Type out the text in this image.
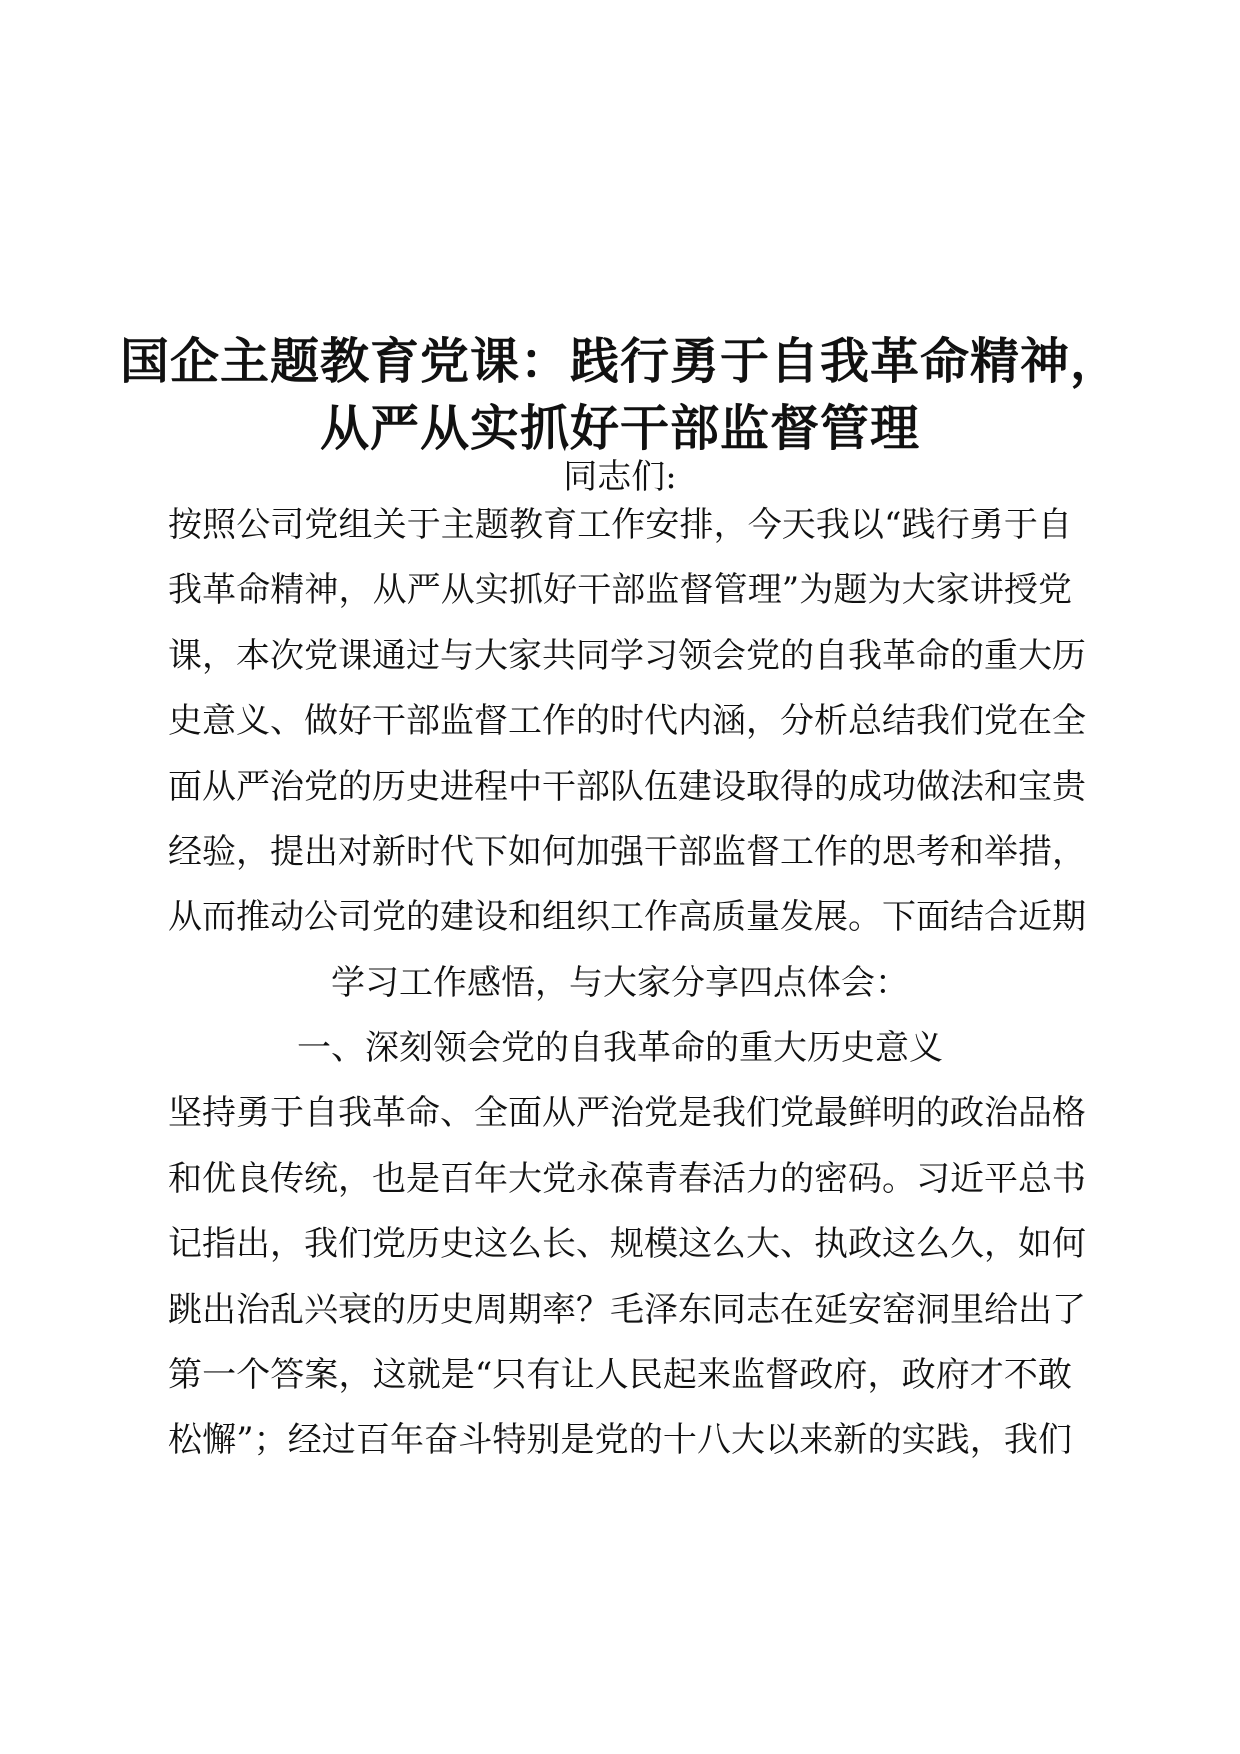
国企主题教育党课：践行勇于自我革命精神，
从严从实抓好干部监督管理
同志们:
按照公司党组关于主题教育工作安排，今天我以“践行勇于自
我革命精神，从严从实抓好干部监督管理”为题为大家讲授党
课，本次党课通过与大家共同学习领会党的自我革命的重大历
史意义、做好干部监督工作的时代内涵，分析总结我们党在全
面从严治党的历史进程中干部队伍建设取得的成功做法和宝贵
经验，提出对新时代下如何加强干部监督工作的思考和举措，
从而推动公司党的建设和组织工作高质量发展。下面结合近期
学习工作感悟，与大家分享四点体会：
一、深刻领会党的自我革命的重大历史意义
坚持勇于自我革命、全面从严治党是我们党最鲜明的政治品格
和优良传统，也是百年大党永葆青春活力的密码。习近平总书
记指出，我们党历史这么长、规模这么大、执政这么久，如何
跳出治乱兴衰的历史周期率？毛泽东同志在延安窑洞里给出了
第一个答案，这就是“只有让人民起来监督政府，政府才不敢
松懈”；经过百年奋斗特别是党的十八大以来新的实践，我们
